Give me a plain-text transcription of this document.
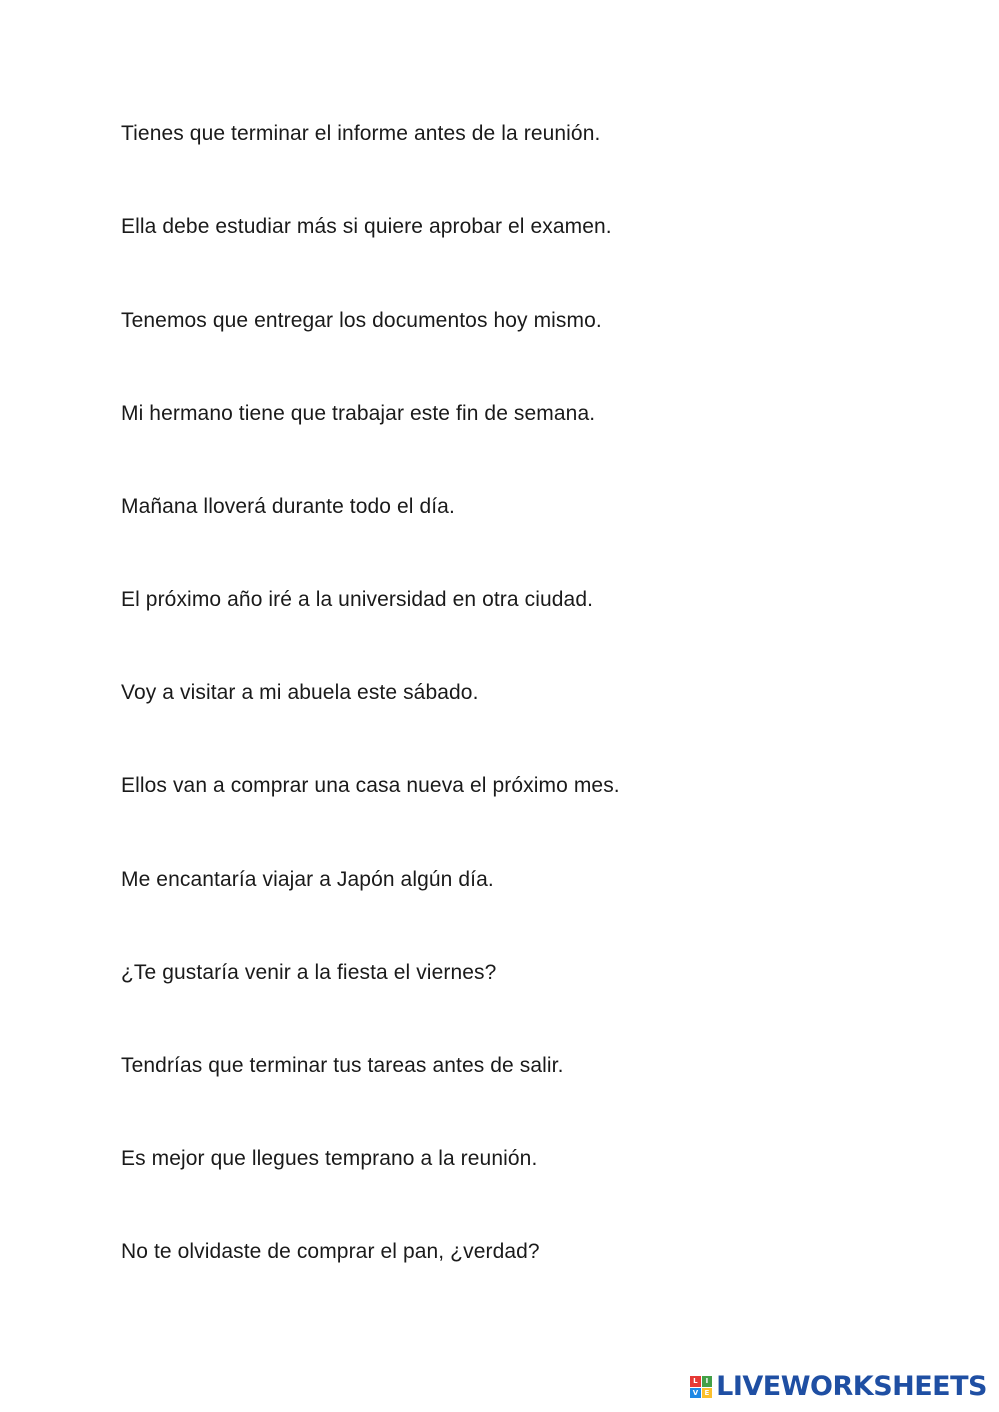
Tienes que terminar el informe antes de la reunión.
Ella debe estudiar más si quiere aprobar el examen.
Tenemos que entregar los documentos hoy mismo.
Mi hermano tiene que trabajar este fin de semana.
Mañana lloverá durante todo el día.
El próximo año iré a la universidad en otra ciudad.
Voy a visitar a mi abuela este sábado.
Ellos van a comprar una casa nueva el próximo mes.
Me encantaría viajar a Japón algún día.
¿Te gustaría venir a la fiesta el viernes?
Tendrías que terminar tus tareas antes de salir.
Es mejor que llegues temprano a la reunión.
No te olvidaste de comprar el pan, ¿verdad?
L	I
V E LIVEWORKSHEETS
